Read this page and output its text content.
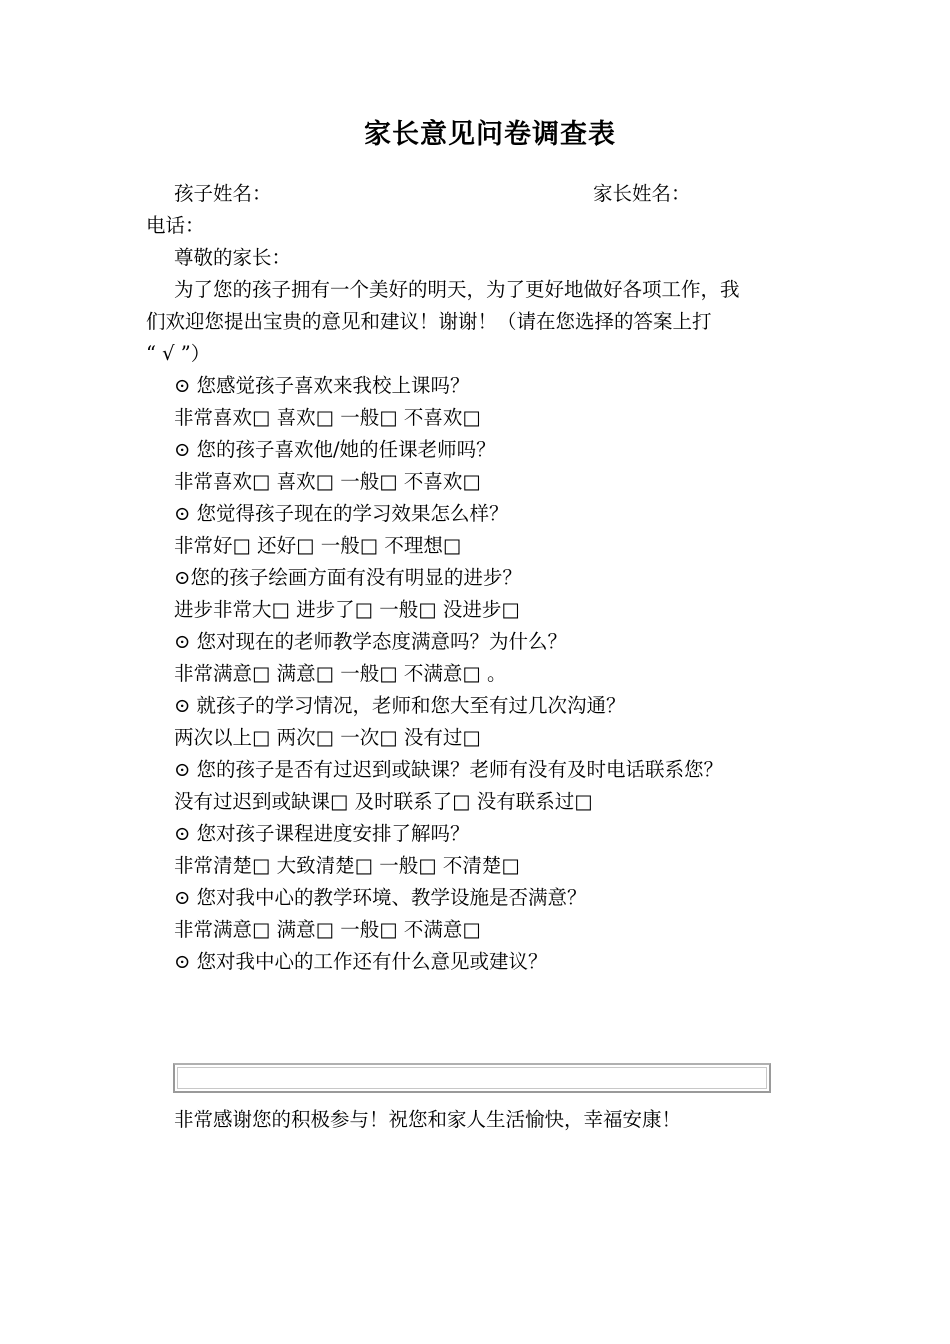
家长意见问卷调查表
孩子姓名：	家长姓名：
电话：
尊敬的家长：
为了您的孩子拥有一个美好的明天，为了更好地做好各项工作，我
们欢迎您提出宝贵的意见和建议！谢谢！（请在您选择的答案上打
“ √ ”）
⊙ 您感觉孩子喜欢来我校上课吗？
非常喜欢□ 喜欢□ 一般□ 不喜欢□
⊙ 您的孩子喜欢他/她的任课老师吗？
非常喜欢□ 喜欢□ 一般□ 不喜欢□
⊙ 您觉得孩子现在的学习效果怎么样？
非常好□ 还好□ 一般□ 不理想□
⊙您的孩子绘画方面有没有明显的进步？
进步非常大□ 进步了□ 一般□ 没进步□
⊙ 您对现在的老师教学态度满意吗？为什么？
非常满意□ 满意□ 一般□ 不满意□ 。
⊙ 就孩子的学习情况，老师和您大至有过几次沟通？
两次以上□ 两次□ 一次□ 没有过□
⊙ 您的孩子是否有过迟到或缺课？老师有没有及时电话联系您？
没有过迟到或缺课□ 及时联系了□ 没有联系过□
⊙ 您对孩子课程进度安排了解吗？
非常清楚□ 大致清楚□ 一般□ 不清楚□
⊙ 您对我中心的教学环境、教学设施是否满意？
非常满意□ 满意□ 一般□ 不满意□
⊙ 您对我中心的工作还有什么意见或建议？
非常感谢您的积极参与！祝您和家人生活愉快，幸福安康！
